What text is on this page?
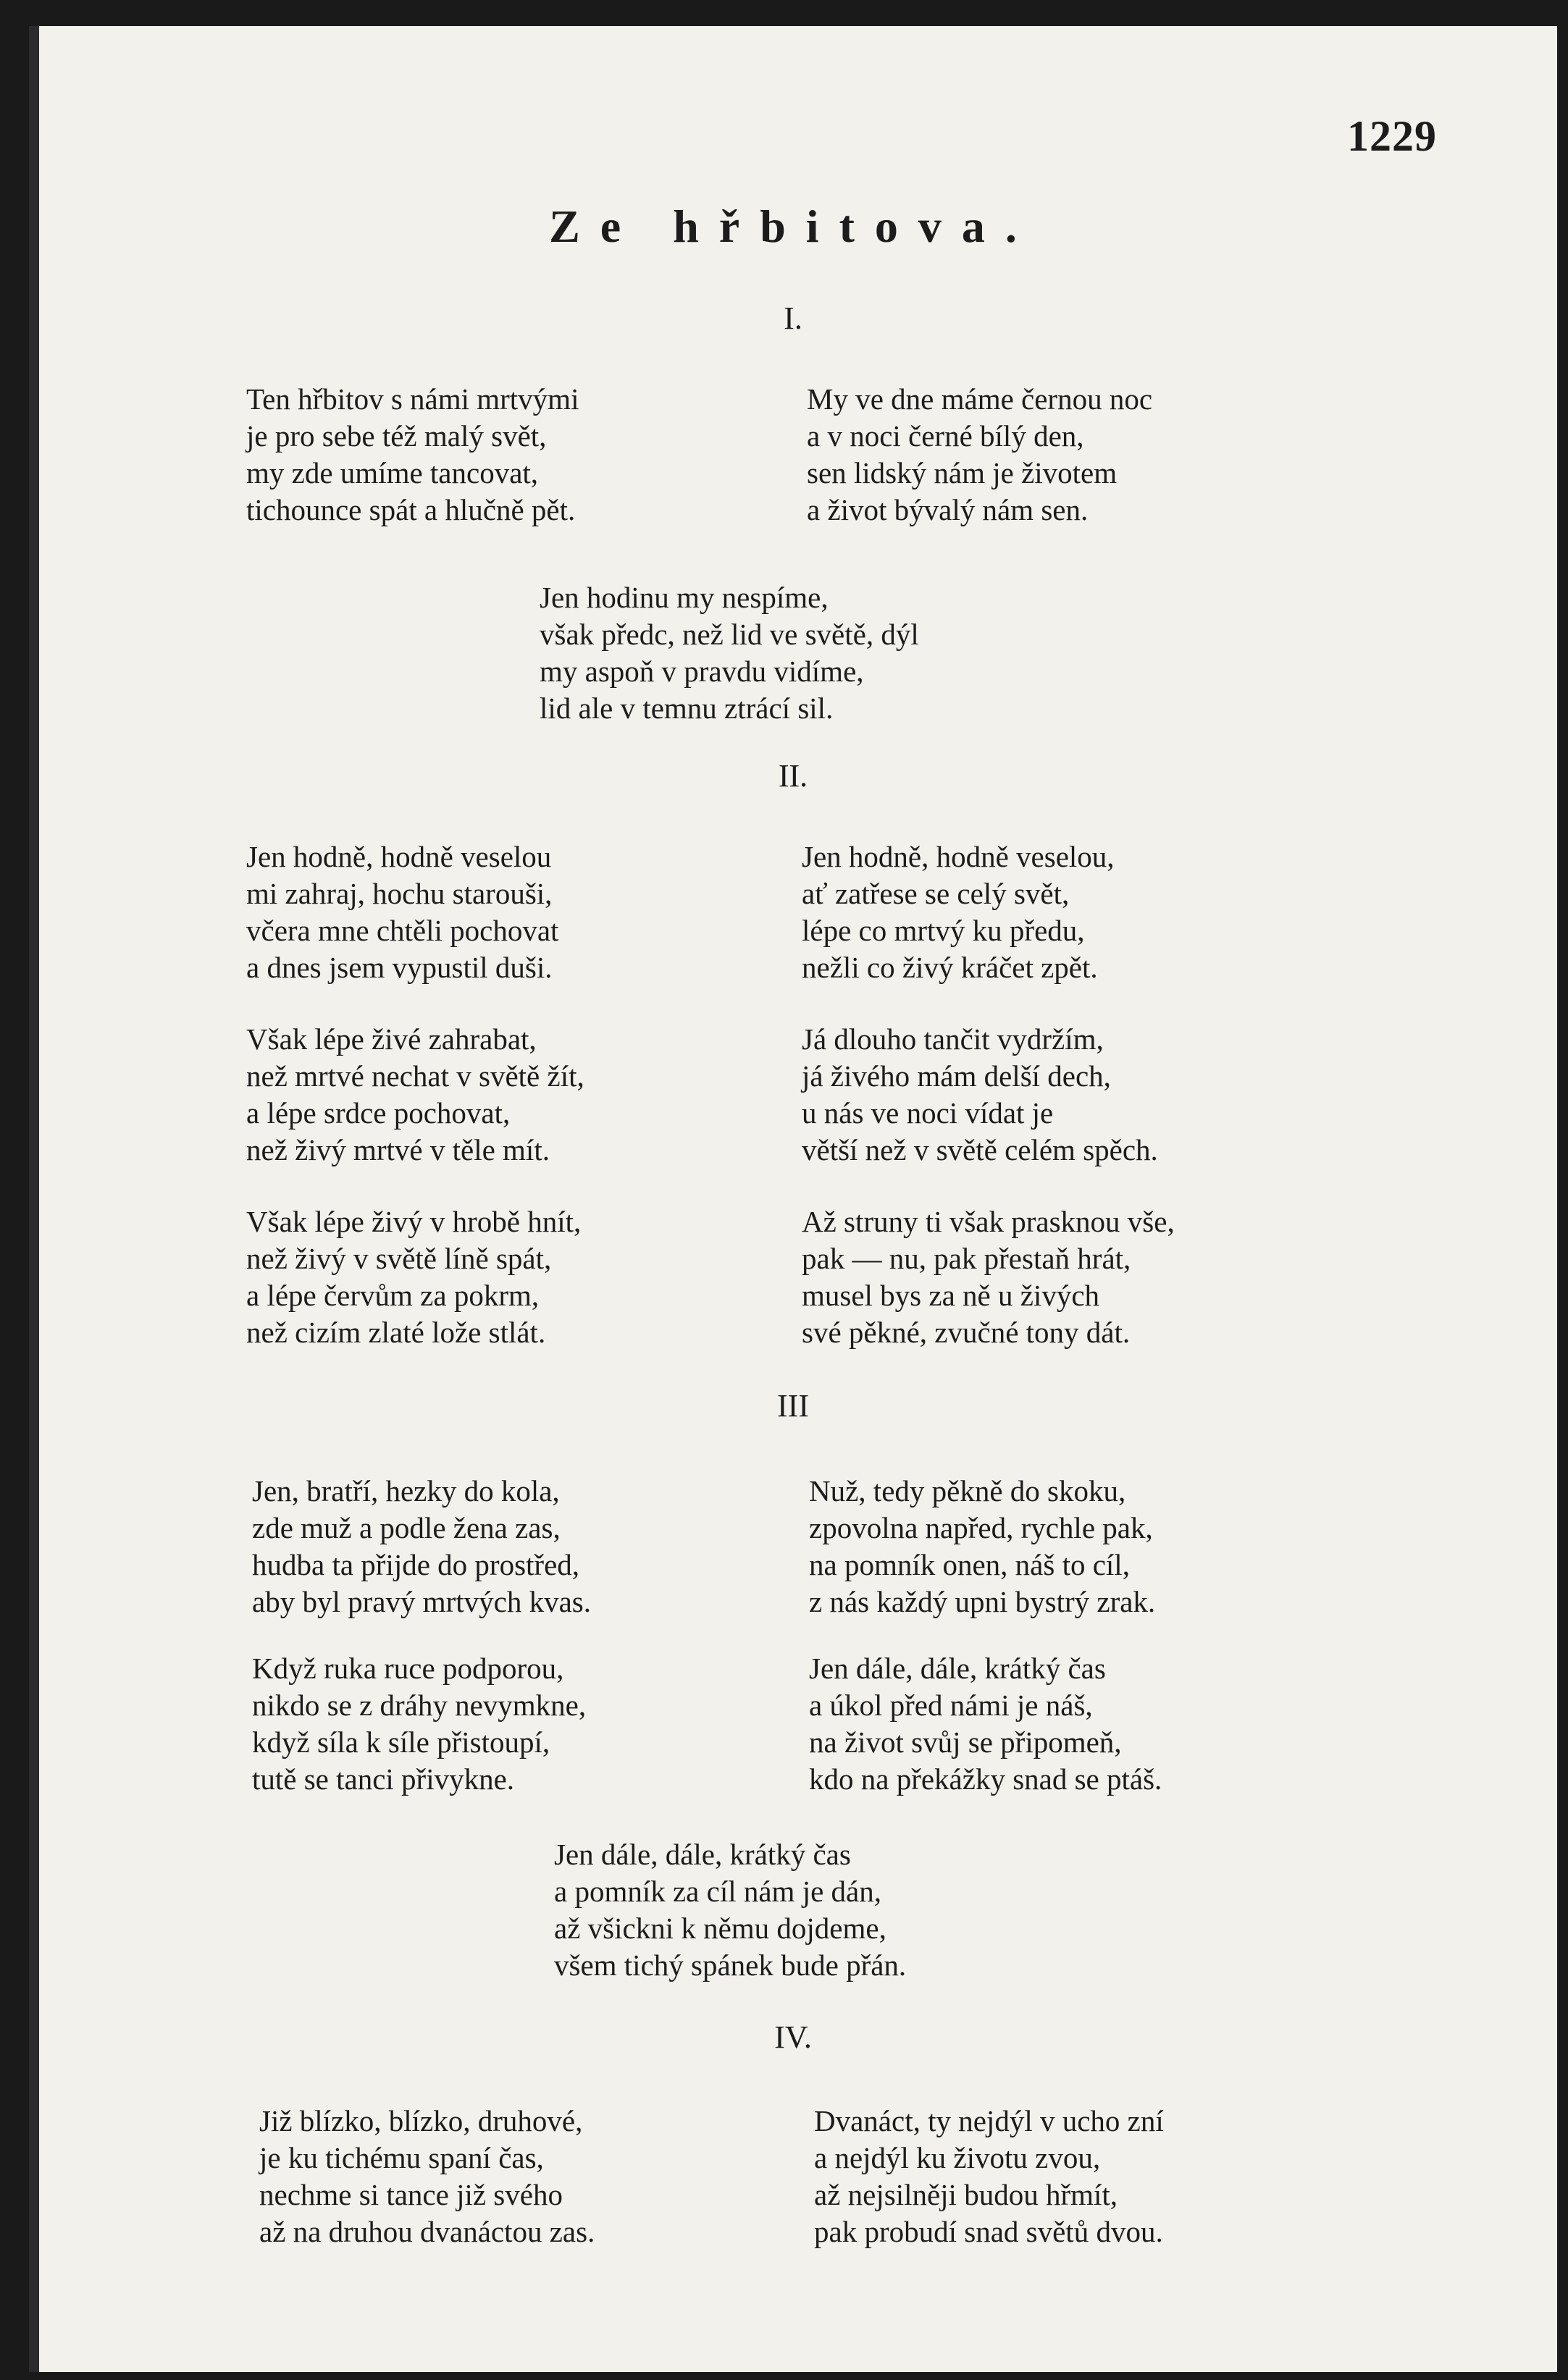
1229
Ze hřbitova.
I.
Ten hřbitov s námi mrtvými
je pro sebe též malý svět,
my zde umíme tancovat,
tichounce spát a hlučně pět.
My ve dne máme černou noc
a v noci černé bílý den,
sen lidský nám je životem
a život bývalý nám sen.
Jen hodinu my nespíme,
však předc, než lid ve světě, dýl
my aspoň v pravdu vidíme,
lid ale v temnu ztrácí sil.
II.
Jen hodně, hodně veselou
mi zahraj, hochu starouši,
včera mne chtěli pochovat
a dnes jsem vypustil duši.
Jen hodně, hodně veselou,
ať zatřese se celý svět,
lépe co mrtvý ku předu,
nežli co živý kráčet zpět.
Však lépe živé zahrabat,
než mrtvé nechat v světě žít,
a lépe srdce pochovat,
než živý mrtvé v těle mít.
Já dlouho tančit vydržím,
já živého mám delší dech,
u nás ve noci vídat je
větší než v světě celém spěch.
Však lépe živý v hrobě hnít,
než živý v světě líně spát,
a lépe červům za pokrm,
než cizím zlaté lože stlát.
Až struny ti však prasknou vše,
pak — nu, pak přestaň hrát,
musel bys za ně u živých
své pěkné, zvučné tony dát.
III
Jen, bratří, hezky do kola,
zde muž a podle žena zas,
hudba ta přijde do prostřed,
aby byl pravý mrtvých kvas.
Nuž, tedy pěkně do skoku,
zpovolna napřed, rychle pak,
na pomník onen, náš to cíl,
z nás každý upni bystrý zrak.
Když ruka ruce podporou,
nikdo se z dráhy nevymkne,
když síla k síle přistoupí,
tutě se tanci přivykne.
Jen dále, dále, krátký čas
a úkol před námi je náš,
na život svůj se připomeň,
kdo na překážky snad se ptáš.
Jen dále, dále, krátký čas
a pomník za cíl nám je dán,
až všickni k němu dojdeme,
všem tichý spánek bude přán.
IV.
Již blízko, blízko, druhové,
je ku tichému spaní čas,
nechme si tance již svého
až na druhou dvanáctou zas.
Dvanáct, ty nejdýl v ucho zní
a nejdýl ku životu zvou,
až nejsilněji budou hřmít,
pak probudí snad světů dvou.
